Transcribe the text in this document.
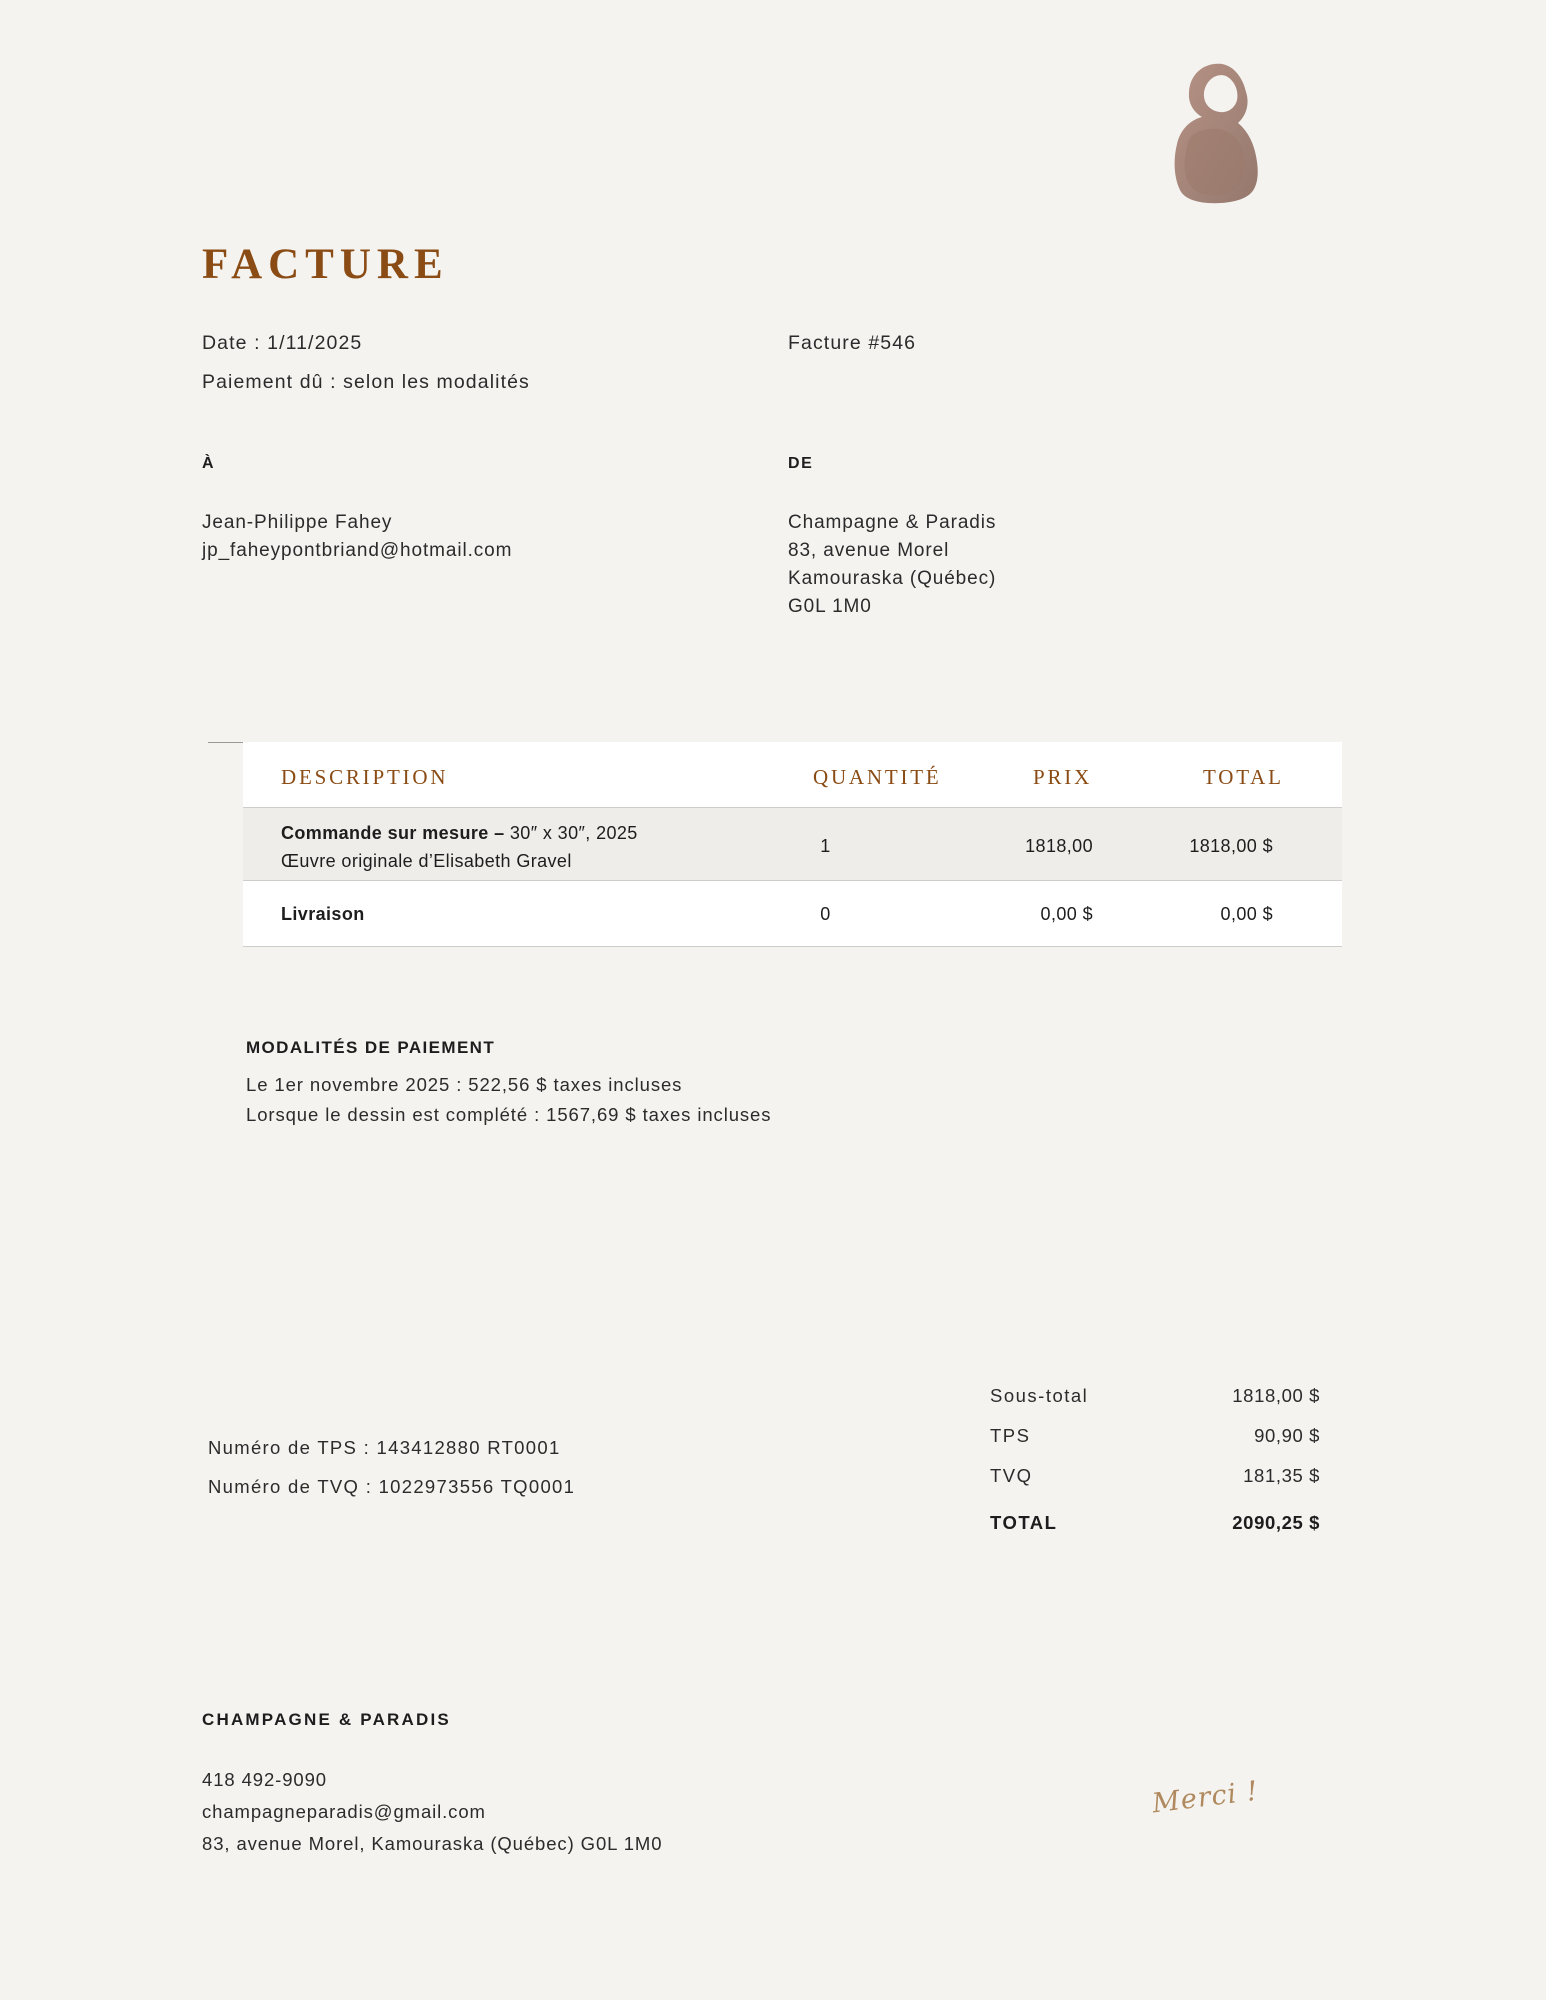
FACTURE
Date : 1/11/2025	Facture #546
Paiement dû : selon les modalités
À
Jean-Philippe Fahey
jp_faheypontbriand@hotmail.com
DE
Champagne & Paradis
83, avenue Morel
Kamouraska (Québec)
G0L 1M0
DESCRIPTION	QUANTITÉ	PRIX	TOTAL
Commande sur mesure – 30″ x 30″, 2025
Œuvre originale d’Elisabeth Gravel
1	1818,00	1818,00 $
Livraison	0	0,00 $	0,00 $
MODALITÉS DE PAIEMENT
Le 1er novembre 2025 : 522,56 $ taxes incluses
Lorsque le dessin est complété : 1567,69 $ taxes incluses
Numéro de TPS : 143412880 RT0001
Numéro de TVQ : 1022973556 TQ0001
Sous-total	1818,00 $
TPS	90,90 $
TVQ	181,35 $
TOTAL	2090,25 $
CHAMPAGNE & PARADIS
418 492-9090
champagneparadis@gmail.com
83, avenue Morel, Kamouraska (Québec) G0L 1M0
Merci !
